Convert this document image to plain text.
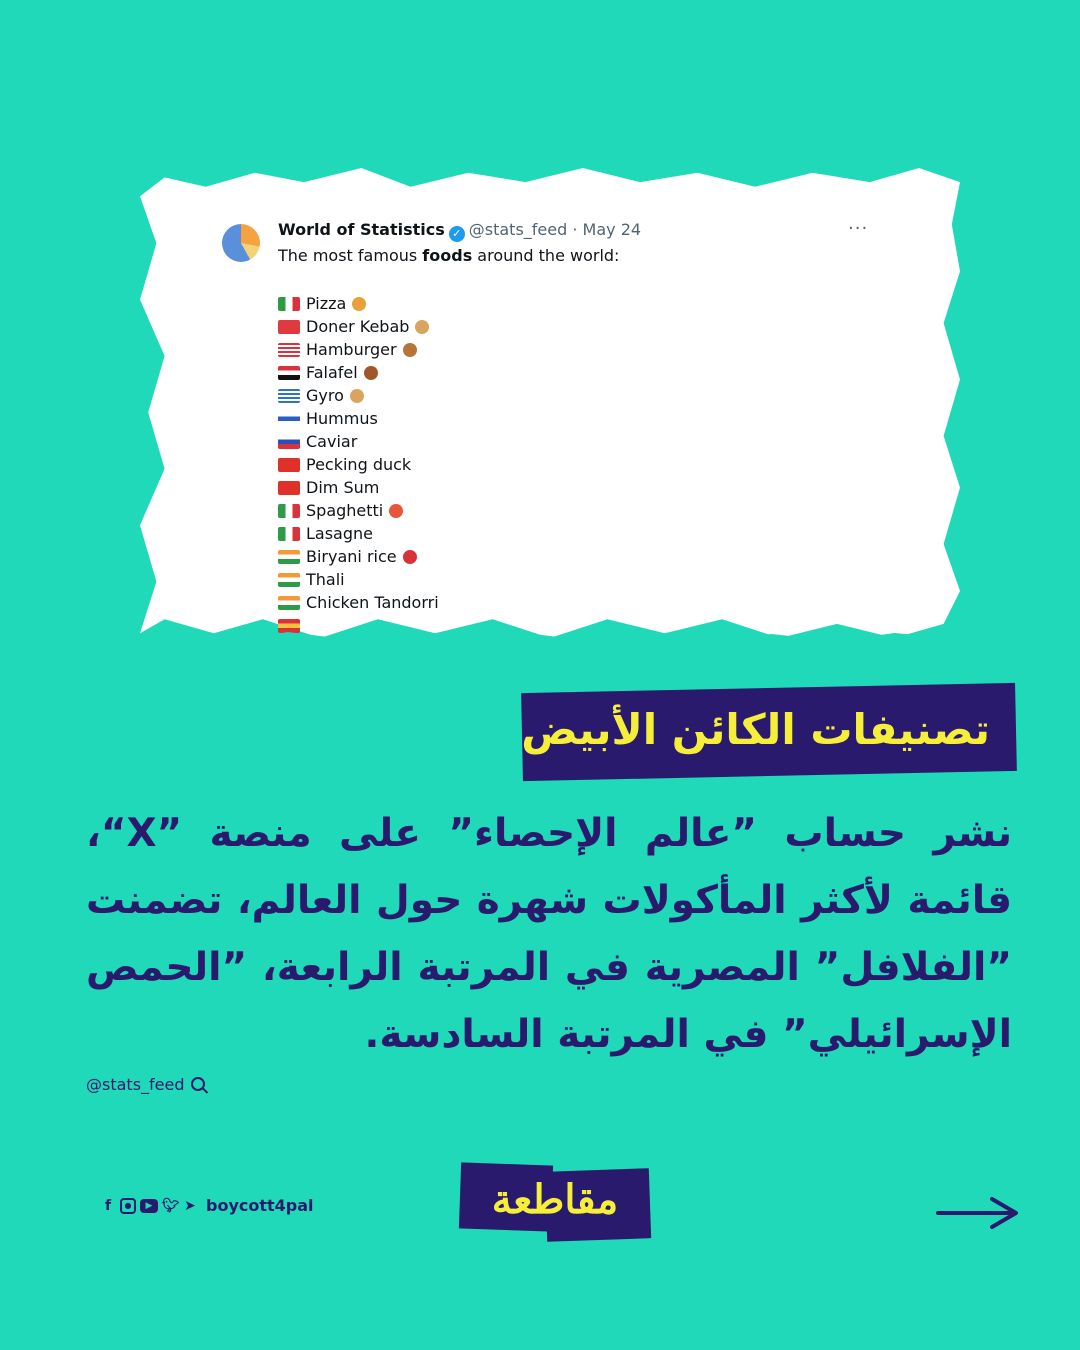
World of Statistics ✓ @stats_feed · May 24	···
The most famous foods around the world:
Pizza
Doner Kebab
Hamburger
Falafel
Gyro
Hummus
Caviar
Pecking duck
Dim Sum
Spaghetti
Lasagne
Biryani rice
Thali
Chicken Tandorri
تصنيفات الكائن الأبيض
نشر حساب ”عالم الإحصاء” على منصة ”X“، قائمة لأكثر المأكولات شهرة حول العالم، تضمنت ”الفلافل” المصرية في المرتبة الرابعة، ”الحمص الإسرائيلي” في المرتبة السادسة.
@stats_feed
f	●	▶ 🐦︎ ➤ boycott4pal	مقاطعة
